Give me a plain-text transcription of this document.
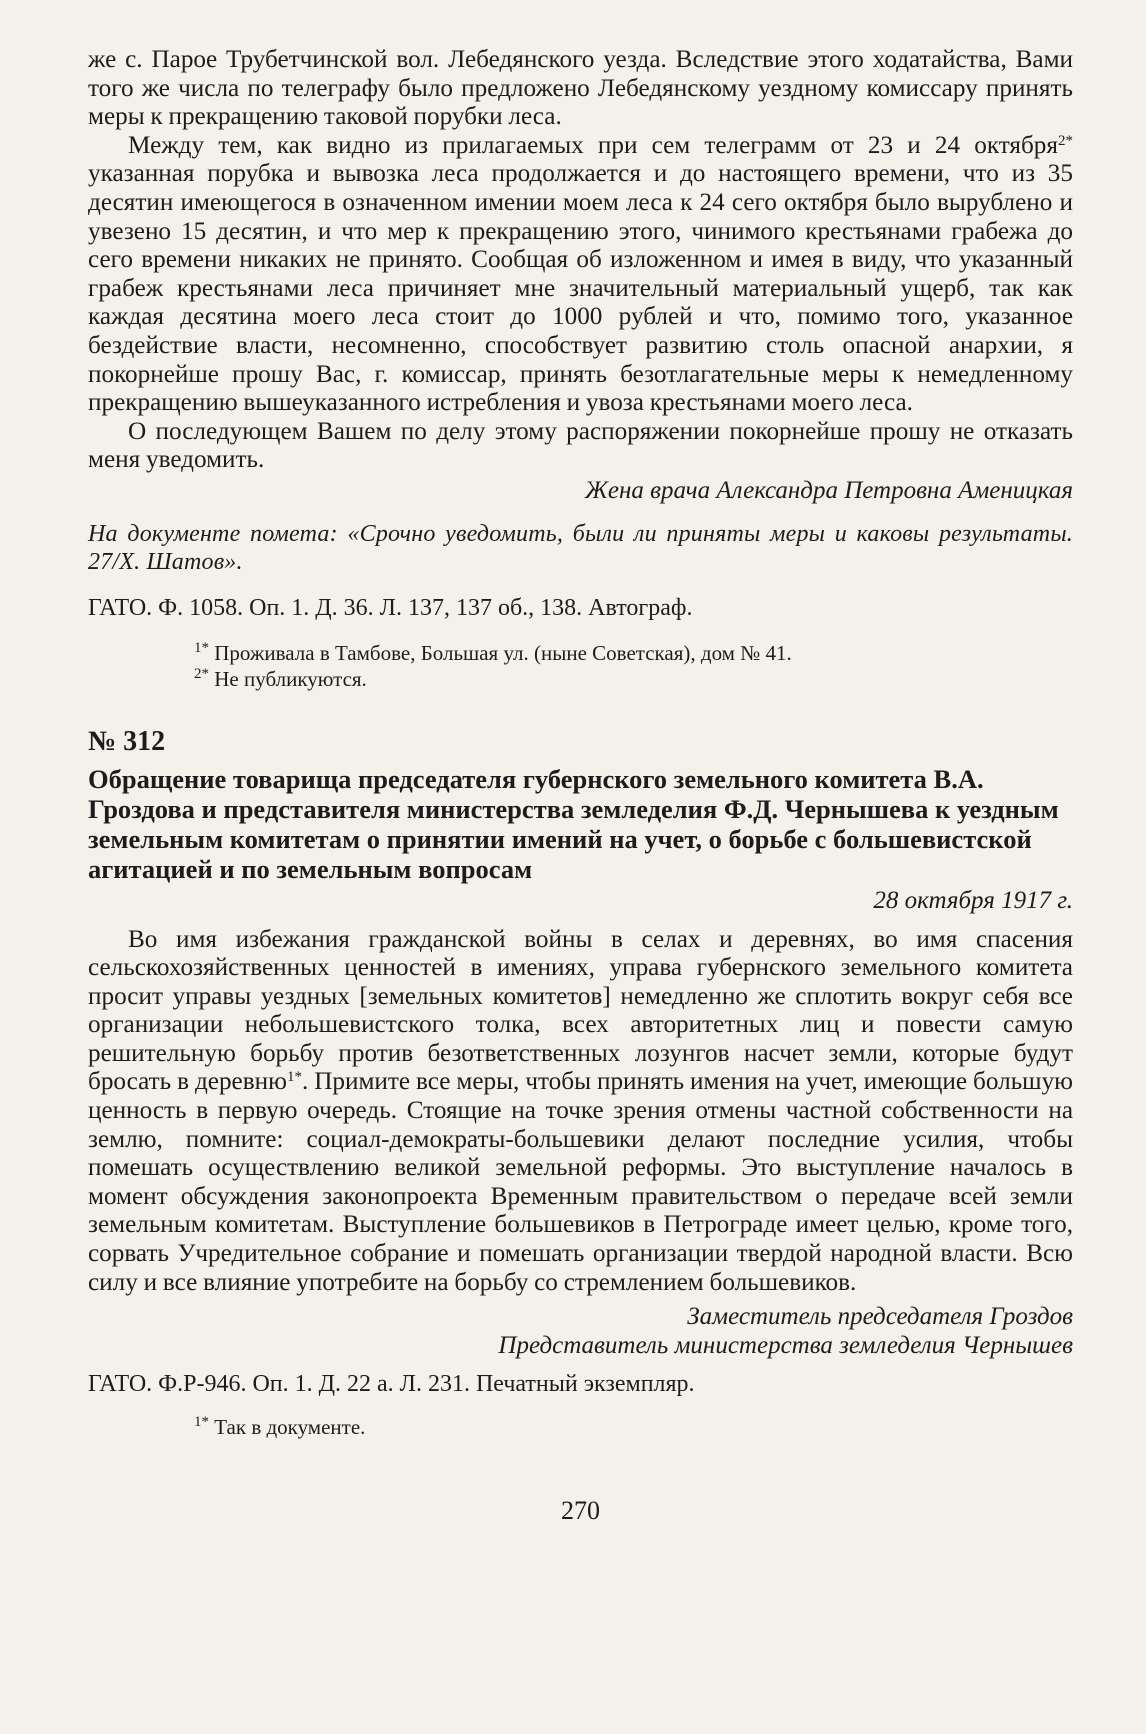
же с. Пароe Трубетчинской вол. Лебедянского уезда. Вследствие этого ходатайства, Вами того же числа по телеграфу было предложено Лебедянскому уездному комиссару принять меры к прекращению таковой порубки леса.

Между тем, как видно из прилагаемых при сем телеграмм от 23 и 24 октября$^{2*}$ указанная порубка и вывозка леса продолжается и до настоящего времени, что из 35 десятин имеющегося в означенном имении моем леса к 24 сего октября было вырублено и увезено 15 десятин, и что мер к прекращению этого, чинимого крестьянами грабежа до сего времени никаких не принято. Сообщая об изложенном и имея в виду, что указанный грабеж крестьянами леса причиняет мне значительный материальный ущерб, так как каждая десятина моего леса стоит до 1000 рублей и что, помимо того, указанное бездействие власти, несомненно, способствует развитию столь опасной анархии, я покорнейше прошу Вас, г. комиссар, принять безотлагательные меры к немедленному прекращению вышеуказанного истребления и увоза крестьянами моего леса.

О последующем Вашем по делу этому распоряжении покорнейше прошу не отказать меня уведомить.

Жена врача Александра Петровна Аменицкая

На документе помета: «Срочно уведомить, были ли приняты меры и каковы результаты. 27/X. Шатов».

ГАТО. Ф. 1058. Оп. 1. Д. 36. Л. 137, 137 об., 138. Автограф.

$^{1*}$ Проживала в Тамбове, Большая ул. (ныне Советская), дом № 41.

$^{2*}$ Не публикуются.

№ 312

Обращение товарища председателя губернского земельного комитета В.А. Гроздова и представителя министерства земледелия Ф.Д. Чернышева к уездным земельным комитетам о принятии имений на учет, о борьбе с большевистской агитацией и по земельным вопросам

28 октября 1917 г.

Во имя избежания гражданской войны в селах и деревнях, во имя спасения сельскохозяйственных ценностей в имениях, управа губернского земельного комитета просит управы уездных [земельных комитетов] немедленно же сплотить вокруг себя все организации небольшевистского толка, всех авторитетных лиц и повести самую решительную борьбу против безответственных лозунгов насчет земли, которые будут бросать в деревню$^{1*}$. Примите все меры, чтобы принять имения на учет, имеющие большую ценность в первую очередь. Стоящие на точке зрения отмены частной собственности на землю, помните: социал-демократы-большевики делают последние усилия, чтобы помешать осуществлению великой земельной реформы. Это выступление началось в момент обсуждения законопроекта Временным правительством о передаче всей земли земельным комитетам. Выступление большевиков в Петрограде имеет целью, кроме того, сорвать Учредительное собрание и помешать организации твердой народной власти. Всю силу и все влияние употребите на борьбу со стремлением большевиков.

Заместитель председателя Гроздов

Представитель министерства земледелия Чернышев

ГАТО. Ф.Р-946. Оп. 1. Д. 22 а. Л. 231. Печатный экземпляр.

$^{1*}$ Так в документе.

270
